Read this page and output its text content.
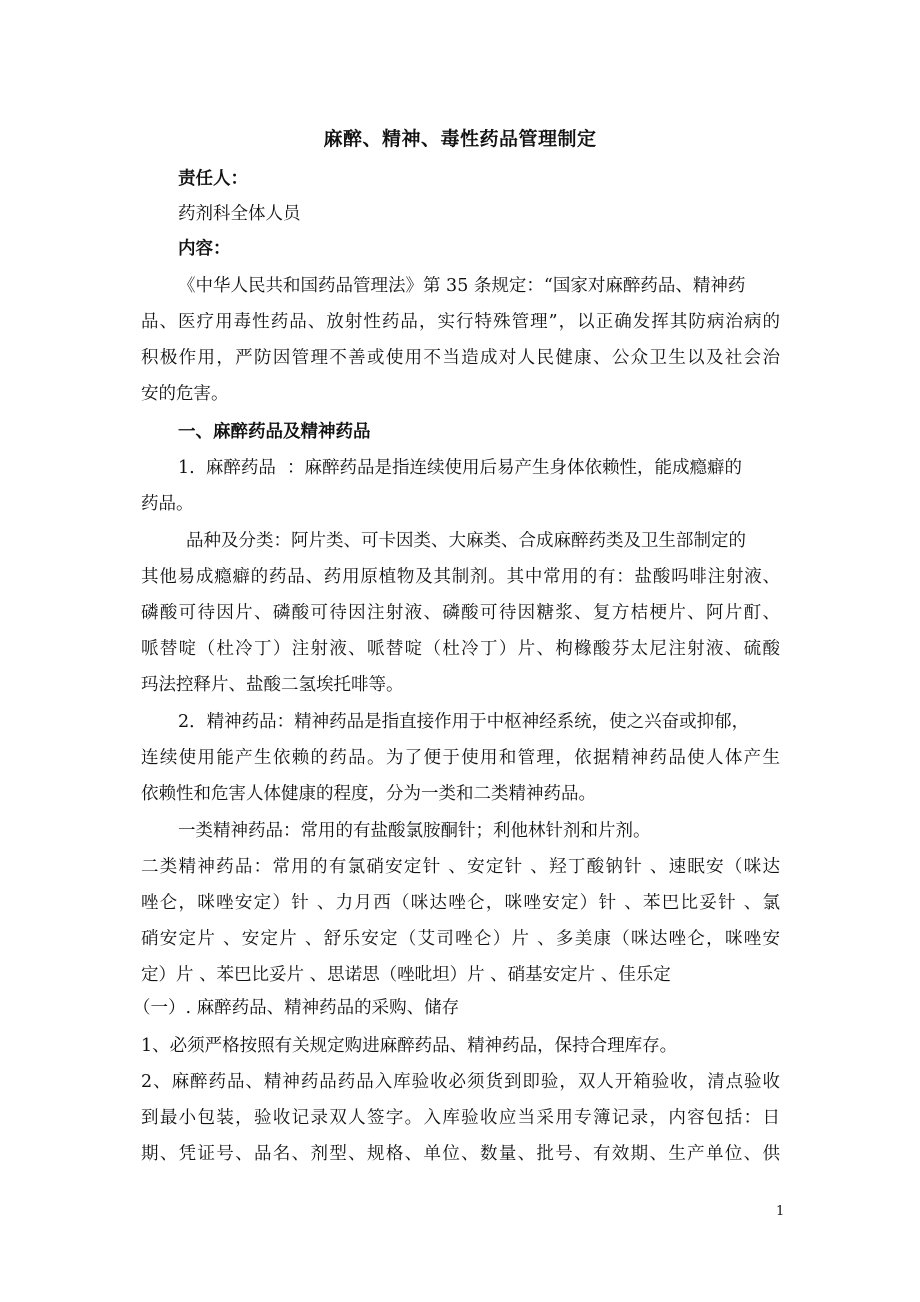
麻醉、精神、毒性药品管理制定
责任人：
药剂科全体人员
内容：
《中华人民共和国药品管理法》第 35 条规定：“国家对麻醉药品、精神药
品、医疗用毒性药品、放射性药品，实行特殊管理”，以正确发挥其防病治病的
积极作用，严防因管理不善或使用不当造成对人民健康、公众卫生以及社会治
安的危害。
一、麻醉药品及精神药品
1.  麻醉药品  ：麻醉药品是指连续使用后易产生身体依赖性，能成瘾癖的
药品。
品种及分类：阿片类、可卡因类、大麻类、合成麻醉药类及卫生部制定的
其他易成瘾癖的药品、药用原植物及其制剂。其中常用的有：盐酸吗啡注射液、
磷酸可待因片、磷酸可待因注射液、磷酸可待因糖浆、复方桔梗片、阿片酊、
哌替啶（杜冷丁）注射液、哌替啶（杜冷丁）片、枸橼酸芬太尼注射液、硫酸
玛法控释片、盐酸二氢埃托啡等。
2．精神药品：精神药品是指直接作用于中枢神经系统，使之兴奋或抑郁，
连续使用能产生依赖的药品。为了便于使用和管理，依据精神药品使人体产生
依赖性和危害人体健康的程度，分为一类和二类精神药品。
一类精神药品：常用的有盐酸氯胺酮针；利他林针剂和片剂。
二类精神药品：常用的有氯硝安定针 、安定针 、羟丁酸钠针 、速眠安（咪达
唑仑，咪唑安定）针 、力月西（咪达唑仑，咪唑安定）针 、苯巴比妥针 、氯
硝安定片 、安定片 、舒乐安定（艾司唑仑）片 、多美康（咪达唑仑，咪唑安
定）片 、苯巴比妥片 、思诺思（唑吡坦）片 、硝基安定片 、佳乐定
（一）. 麻醉药品、精神药品的采购、储存
1、必须严格按照有关规定购进麻醉药品、精神药品，保持合理库存。
2、麻醉药品、精神药品药品入库验收必须货到即验，双人开箱验收，清点验收
到最小包装，验收记录双人签字。入库验收应当采用专簿记录，内容包括：日
期、凭证号、品名、剂型、规格、单位、数量、批号、有效期、生产单位、供
1
